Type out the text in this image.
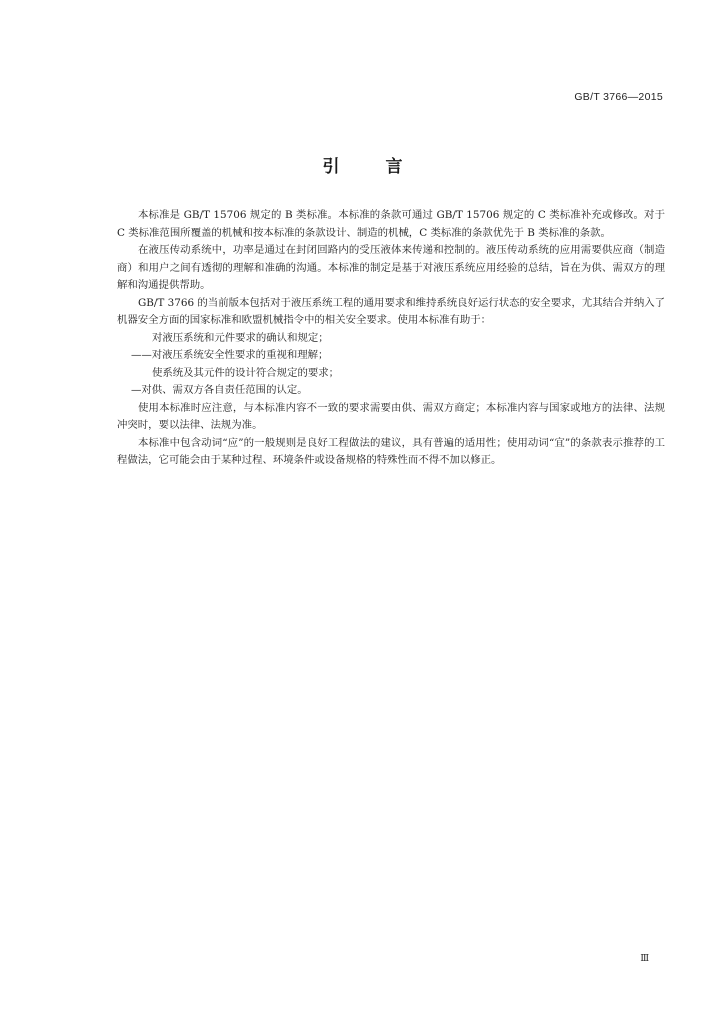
GB/T 3766—2015
引言

本标准是 GB/T 15706 规定的 B 类标准。本标准的条款可通过 GB/T 15706 规定的 C 类标准补充或修改。对于 C 类标准范围所覆盖的机械和按本标准的条款设计、制造的机械，C 类标准的条款优先于 B 类标准的条款。

在液压传动系统中，功率是通过在封闭回路内的受压液体来传递和控制的。液压传动系统的应用需要供应商（制造商）和用户之间有透彻的理解和准确的沟通。本标准的制定是基于对液压系统应用经验的总结，旨在为供、需双方的理解和沟通提供帮助。

GB/T 3766 的当前版本包括对于液压系统工程的通用要求和维持系统良好运行状态的安全要求，尤其结合并纳入了机器安全方面的国家标准和欧盟机械指令中的相关安全要求。使用本标准有助于：

对液压系统和元件要求的确认和规定；

——对液压系统安全性要求的重视和理解；

使系统及其元件的设计符合规定的要求；

—对供、需双方各自责任范围的认定。

使用本标准时应注意，与本标准内容不一致的要求需要由供、需双方商定；本标准内容与国家或地方的法律、法规冲突时，要以法律、法规为准。

本标准中包含动词“应”的一般规则是良好工程做法的建议，具有普遍的适用性；使用动词“宜”的条款表示推荐的工程做法，它可能会由于某种过程、环境条件或设备规格的特殊性而不得不加以修正。

Ⅲ
